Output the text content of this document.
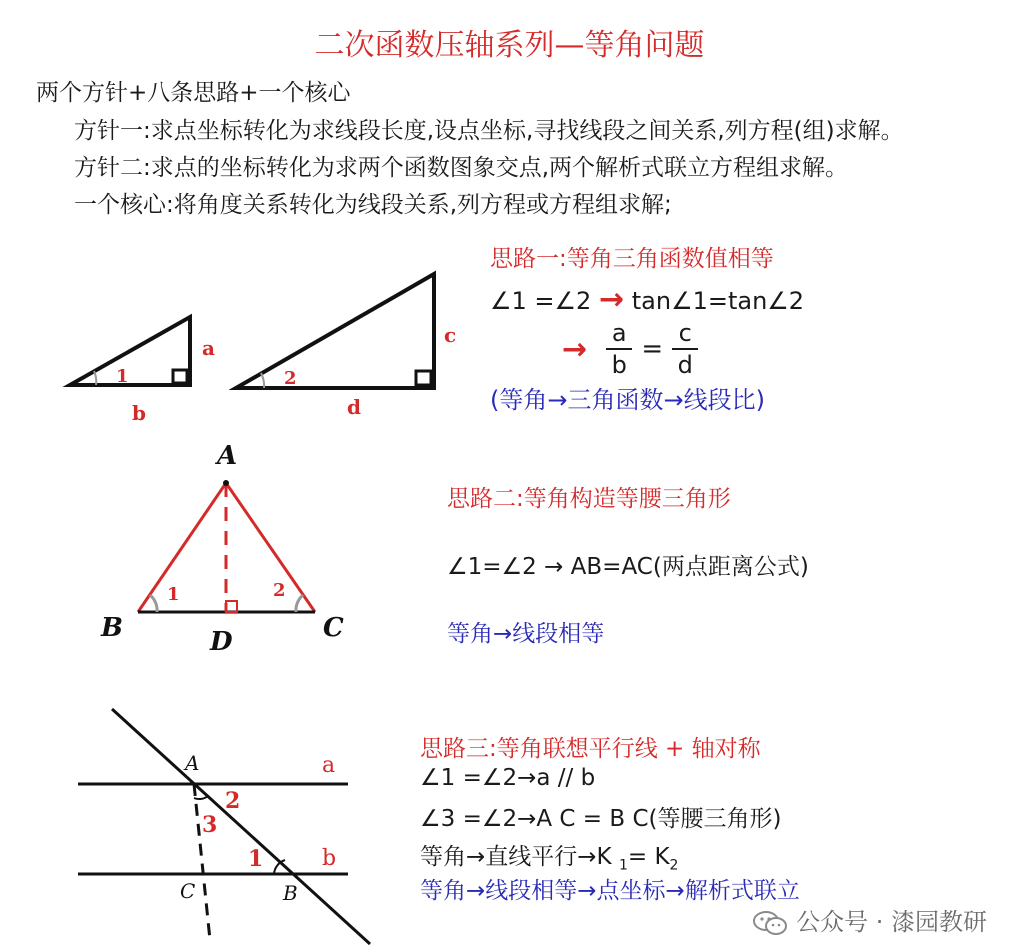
二次函数压轴系列—等角问题
两个方针+八条思路+一个核心
方针一:求点坐标转化为求线段长度,设点坐标,寻找线段之间关系,列方程(组)求解。
方针二:求点的坐标转化为求两个函数图象交点,两个解析式联立方程组求解。
一个核心:将角度关系转化为线段关系,列方程或方程组求解;
1
a
b
2
c
d
思路一:等角三角函数值相等
∠1 =∠2 → tan∠1=tan∠2
→ $\frac{a}{b} = \frac{c}{d}$
(等角→三角函数→线段比)
A
B	C
D
1	2
思路二:等角构造等腰三角形
∠1=∠2 → AB=AC(两点距离公式)
等角→线段相等
A
C	B
a
b
2
3
1
思路三:等角联想平行线 + 轴对称
∠1 =∠2→a // b
∠3 =∠2→A C = B C(等腰三角形)
等角→直线平行→K $_1= K_2$
等角→线段相等→点坐标→解析式联立
公众号 · 漆园教研
